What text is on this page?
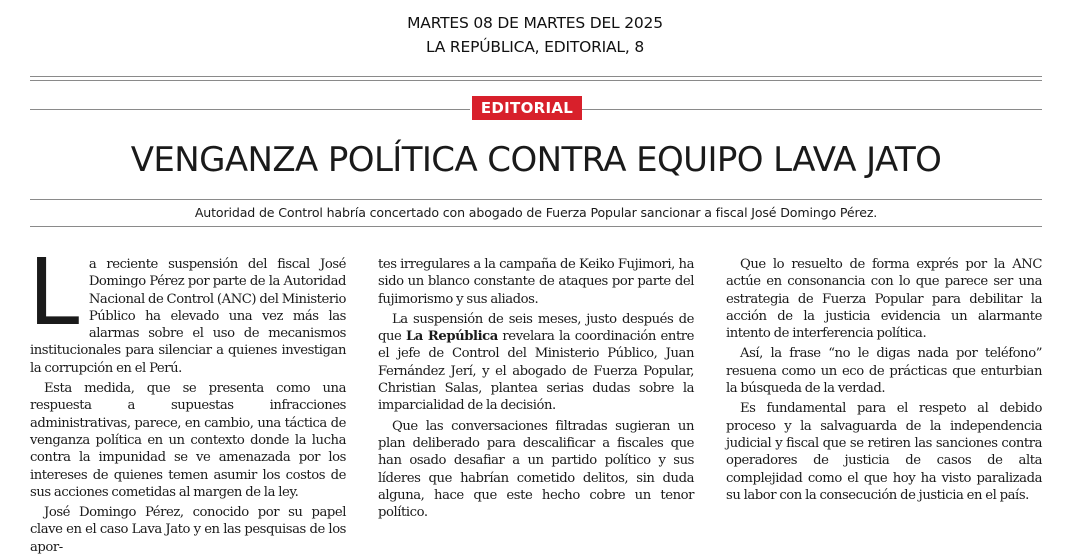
MARTES 08 DE MARTES DEL 2025
LA REPÚBLICA, EDITORIAL, 8
EDITORIAL
VENGANZA POLÍTICA CONTRA EQUIPO LAVA JATO
Autoridad de Control habría concertado con abogado de Fuerza Popular sancionar a fiscal José Domingo Pérez.

La reciente suspensión del fiscal José Domingo Pérez por parte de la Autoridad Nacional de Control (ANC) del Ministerio Público ha elevado una vez más las alarmas sobre el uso de mecanismos institucionales para silenciar a quienes investigan la corrupción en el Perú.

Esta medida, que se presenta como una respuesta a supuestas infracciones administrativas, parece, en cambio, una táctica de venganza política en un contexto donde la lucha contra la impunidad se ve amenazada por los intereses de quienes temen asumir los costos de sus acciones cometidas al margen de la ley.

José Domingo Pérez, conocido por su papel clave en el caso Lava Jato y en las pesquisas de los apor-

tes irregulares a la campaña de Keiko Fujimori, ha sido un blanco constante de ataques por parte del fujimorismo y sus aliados.

La suspensión de seis meses, justo después de que La República revelara la coordinación entre el jefe de Control del Ministerio Público, Juan Fernández Jerí, y el abogado de Fuerza Popular, Christian Salas, plantea serias dudas sobre la imparcialidad de la decisión.

Que las conversaciones filtradas sugieran un plan deliberado para descalificar a fiscales que han osado desafiar a un partido político y sus líderes que habrían cometido delitos, sin duda alguna, hace que este hecho cobre un tenor político.

Que lo resuelto de forma exprés por la ANC actúe en consonancia con lo que parece ser una estrategia de Fuerza Popular para debilitar la acción de la justicia evidencia un alarmante intento de interferencia política.

Así, la frase “no le digas nada por teléfono” resuena como un eco de prácticas que enturbian la búsqueda de la verdad.

Es fundamental para el respeto al debido proceso y la salvaguarda de la independencia judicial y fiscal que se retiren las sanciones contra operadores de justicia de casos de alta complejidad como el que hoy ha visto paralizada su labor con la consecución de justicia en el país.
